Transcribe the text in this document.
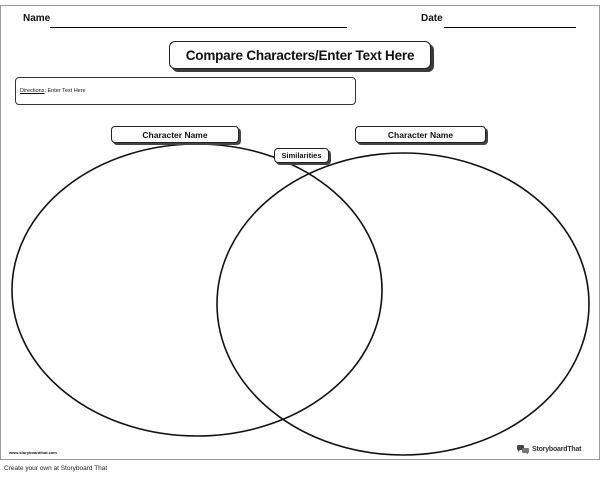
Name	Date
Compare Characters/Enter Text Here
Directions: Enter Text Here
Character Name	Character Name
Similarities
www.storyboardthat.com	StoryboardThat
Create your own at Storyboard That
